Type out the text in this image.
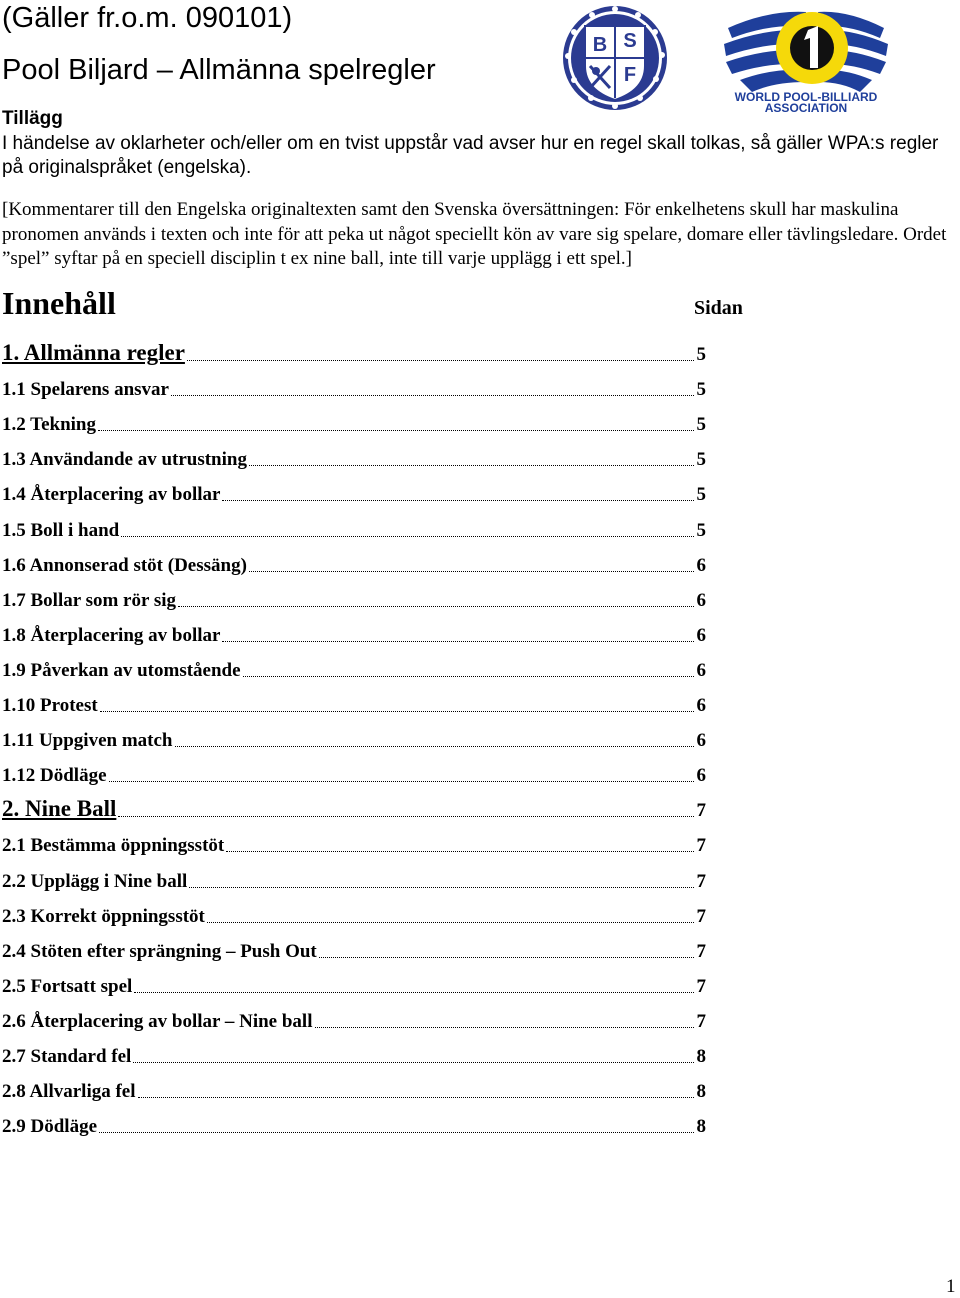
(Gäller fr.o.m. 090101)
Pool Biljard – Allmänna spelregler
B S
F
WORLD POOL-BILLIARD
ASSOCIATION
Tillägg
I händelse av oklarheter och/eller om en tvist uppstår vad avser hur en regel skall tolkas, så gäller WPA:s regler på originalspråket (engelska).
[Kommentarer till den Engelska originaltexten samt den Svenska översättningen: För enkelhetens skull har maskulina pronomen används i texten och inte för att peka ut något speciellt kön av vare sig spelare, domare eller tävlingsledare. Ordet ”spel” syftar på en speciell disciplin t ex nine ball, inte till varje upplägg i ett spel.]
Innehåll	Sidan
1. Allmänna regler	5
1.1 Spelarens ansvar	5
1.2 Tekning	5
1.3 Användande av utrustning	5
1.4 Återplacering av bollar	5
1.5 Boll i hand	5
1.6 Annonserad stöt (Dessäng)	6
1.7 Bollar som rör sig	6
1.8 Återplacering av bollar	6
1.9 Påverkan av utomstående	6
1.10 Protest	6
1.11 Uppgiven match	6
1.12 Dödläge	6
2. Nine Ball	7
2.1 Bestämma öppningsstöt	7
2.2 Upplägg i Nine ball	7
2.3 Korrekt öppningsstöt	7
2.4 Stöten efter sprängning – Push Out	7
2.5 Fortsatt spel	7
2.6 Återplacering av bollar – Nine ball	7
2.7 Standard fel	8
2.8 Allvarliga fel	8
2.9 Dödläge	8
1
